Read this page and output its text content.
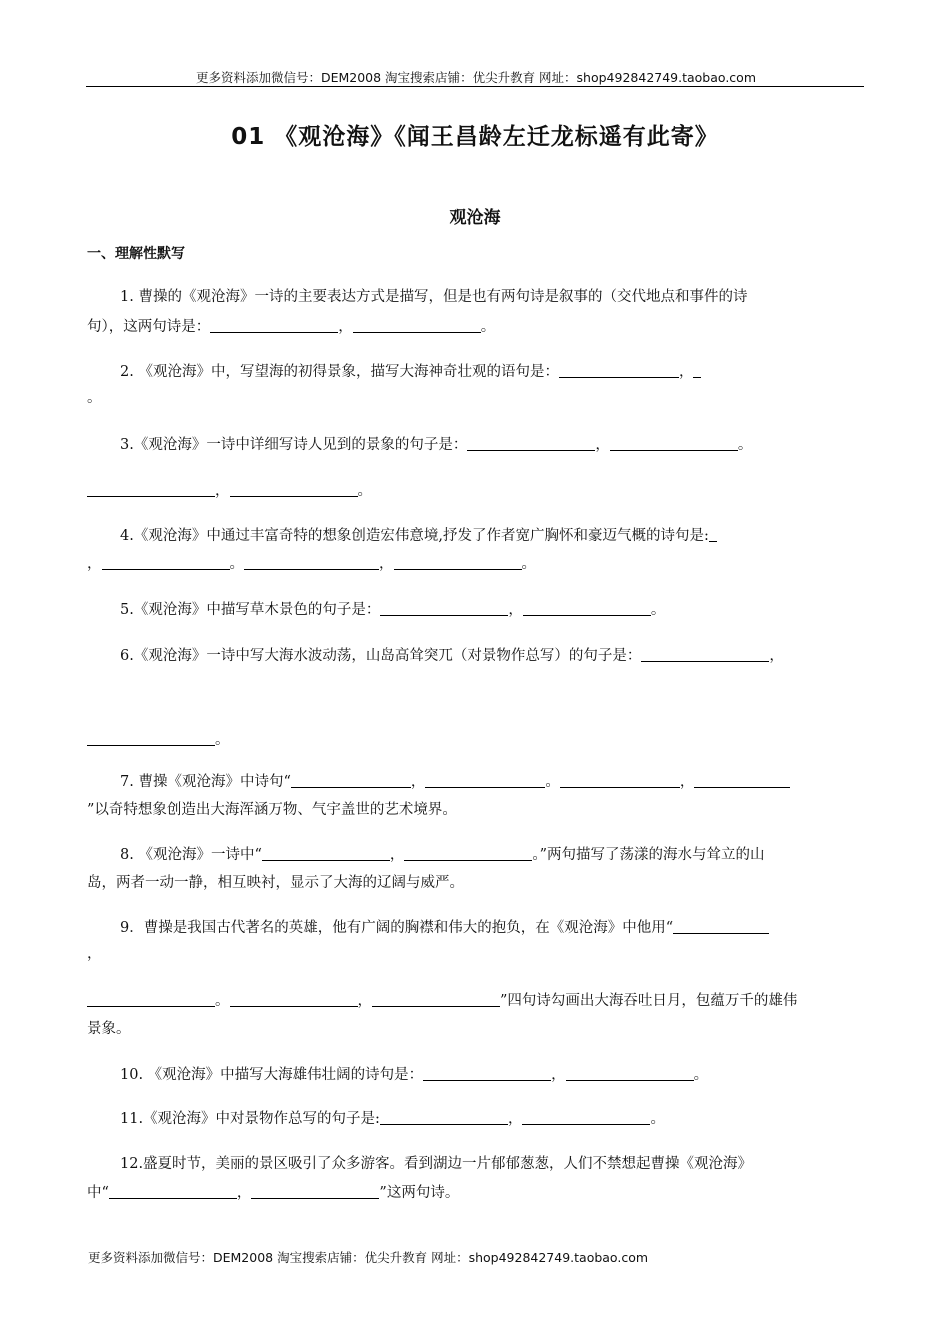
更多资料添加微信号：DEM2008 淘宝搜索店铺：优尖升教育 网址：shop492842749.taobao.com
01 《观沧海》《闻王昌龄左迁龙标遥有此寄》
观沧海
一、理解性默写
1. 曹操的《观沧海》一诗的主要表达方式是描写，但是也有两句诗是叙事的（交代地点和事件的诗
句），这两句诗是：	，	。
2. 《观沧海》中，写望海的初得景象，描写大海神奇壮观的语句是：	，
。
3.《观沧海》一诗中详细写诗人见到的景象的句子是：	，	。
，	。
4.《观沧海》中通过丰富奇特的想象创造宏伟意境,抒发了作者宽广胸怀和豪迈气概的诗句是:
，	。	，	。
5.《观沧海》中描写草木景色的句子是：	，	。
6.《观沧海》一诗中写大海水波动荡，山岛高耸突兀（对景物作总写）的句子是：	，
。
7. 曹操《观沧海》中诗句“	，	。	，
”以奇特想象创造出大海浑涵万物、气宇盖世的艺术境界。
8. 《观沧海》一诗中“	，	。”两句描写了荡漾的海水与耸立的山
岛，两者一动一静，相互映衬，显示了大海的辽阔与威严。
9．曹操是我国古代著名的英雄，他有广阔的胸襟和伟大的抱负，在《观沧海》中他用“
，
。	，	”四句诗勾画出大海吞吐日月，包蕴万千的雄伟
景象。
10. 《观沧海》中描写大海雄伟壮阔的诗句是：	，	。
11.《观沧海》中对景物作总写的句子是:	，	。
12.盛夏时节，美丽的景区吸引了众多游客。看到湖边一片郁郁葱葱，人们不禁想起曹操《观沧海》
中“	，	”这两句诗。
更多资料添加微信号：DEM2008 淘宝搜索店铺：优尖升教育 网址：shop492842749.taobao.com
